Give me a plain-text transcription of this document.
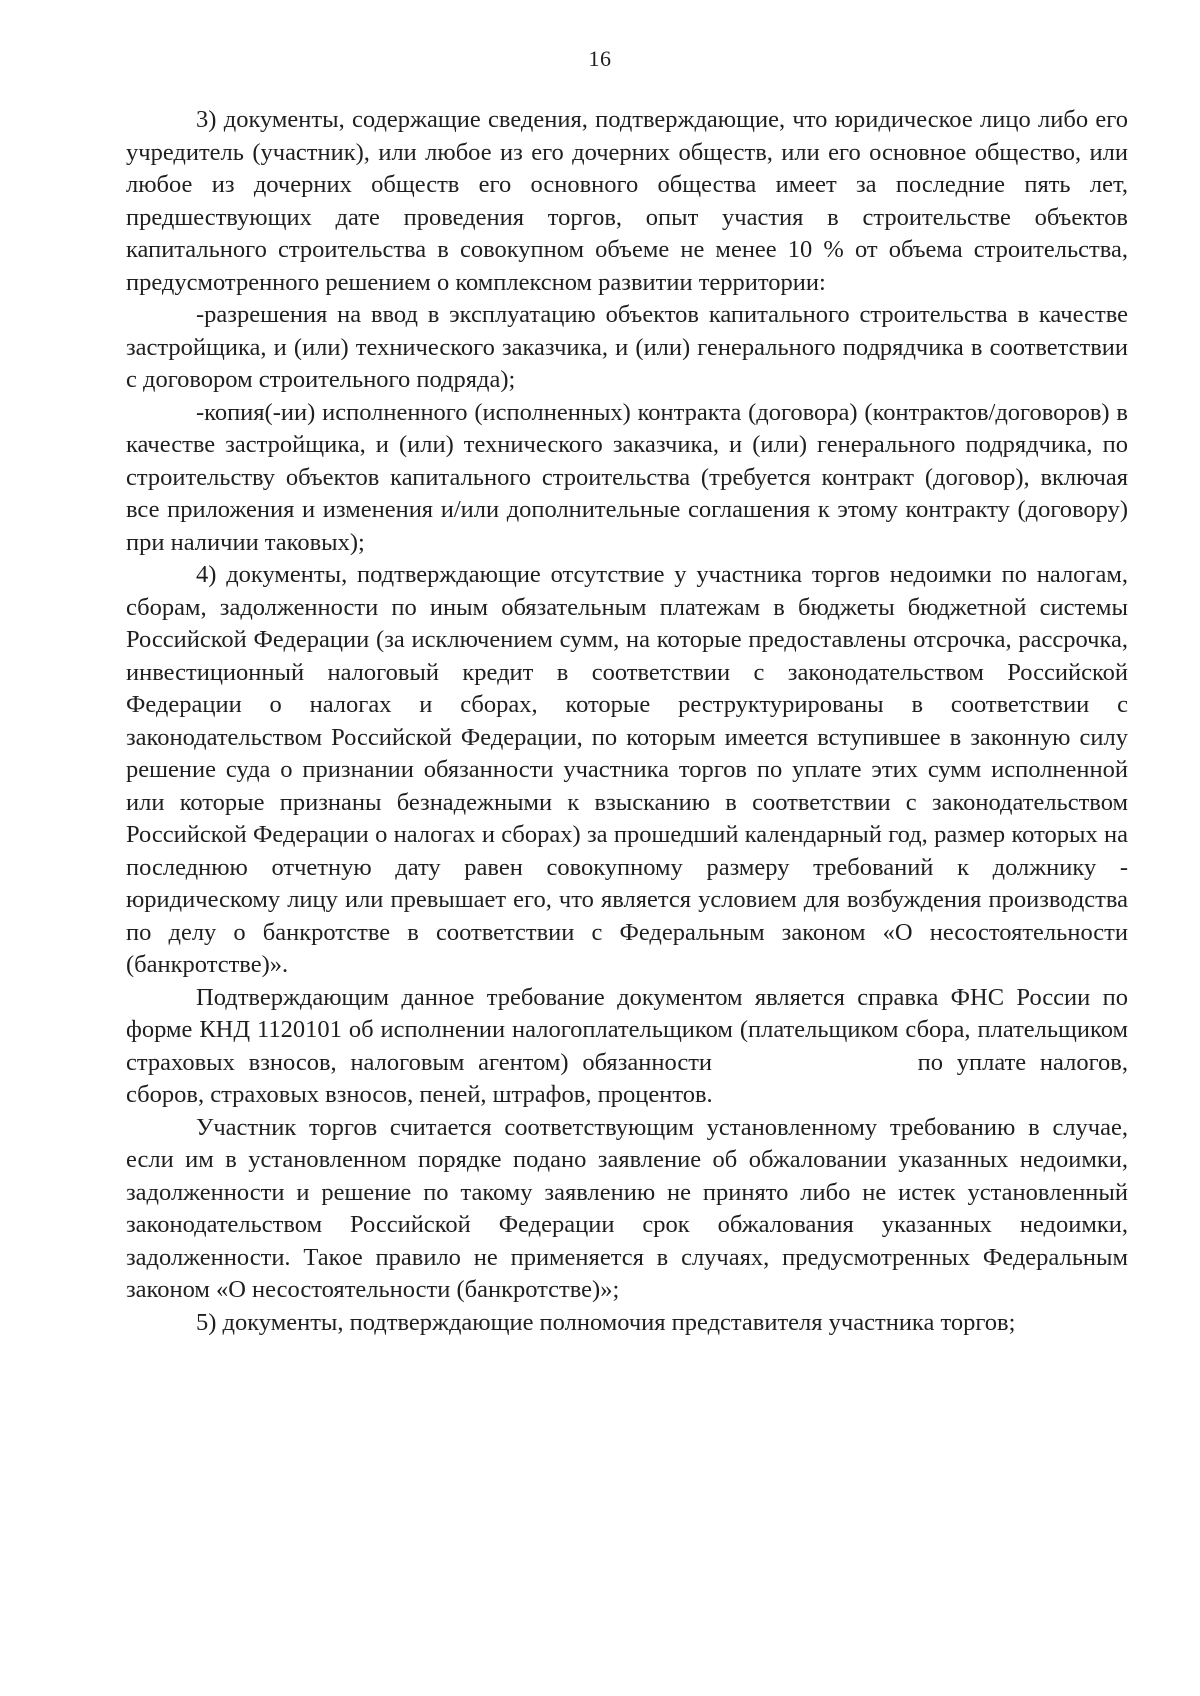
16

3) документы, содержащие сведения, подтверждающие, что юридическое лицо либо его учредитель (участник), или любое из его дочерних обществ, или его основное общество, или любое из дочерних обществ его основного общества имеет за последние пять лет, предшествующих дате проведения торгов, опыт участия в строительстве объектов капитального строительства в совокупном объеме не менее 10 % от объема строительства, предусмотренного решением о комплексном развитии территории:

-разрешения на ввод в эксплуатацию объектов капитального строительства в качестве застройщика, и (или) технического заказчика, и (или) генерального подрядчика в соответствии с договором строительного подряда);

-копия(-ии) исполненного (исполненных) контракта (договора) (контрактов/договоров) в качестве застройщика, и (или) технического заказчика, и (или) генерального подрядчика, по строительству объектов капитального строительства (требуется контракт (договор), включая все приложения и изменения и/или дополнительные соглашения к этому контракту (договору) при наличии таковых);

4) документы, подтверждающие отсутствие у участника торгов недоимки по налогам, сборам, задолженности по иным обязательным платежам в бюджеты бюджетной системы Российской Федерации (за исключением сумм, на которые предоставлены отсрочка, рассрочка, инвестиционный налоговый кредит в соответствии с законодательством Российской Федерации о налогах и сборах, которые реструктурированы в соответствии с законодательством Российской Федерации, по которым имеется вступившее в законную силу решение суда о признании обязанности участника торгов по уплате этих сумм исполненной или которые признаны безнадежными к взысканию в соответствии с законодательством Российской Федерации о налогах и сборах) за прошедший календарный год, размер которых на последнюю отчетную дату равен совокупному размеру требований к должнику - юридическому лицу или превышает его, что является условием для возбуждения производства по делу о банкротстве в соответствии с Федеральным законом «О несостоятельности (банкротстве)».

Подтверждающим данное требование документом является справка ФНС России по форме КНД 1120101 об исполнении налогоплательщиком (плательщиком сбора, плательщиком страховых взносов, налоговым агентом) обязанности	по уплате налогов, сборов, страховых взносов, пеней, штрафов, процентов.

Участник торгов считается соответствующим установленному требованию в случае, если им в установленном порядке подано заявление об обжаловании указанных недоимки, задолженности и решение по такому заявлению не принято либо не истек установленный законодательством Российской Федерации срок обжалования указанных недоимки, задолженности. Такое правило не применяется в случаях, предусмотренных Федеральным законом «О несостоятельности (банкротстве)»;

5) документы, подтверждающие полномочия представителя участника торгов;
